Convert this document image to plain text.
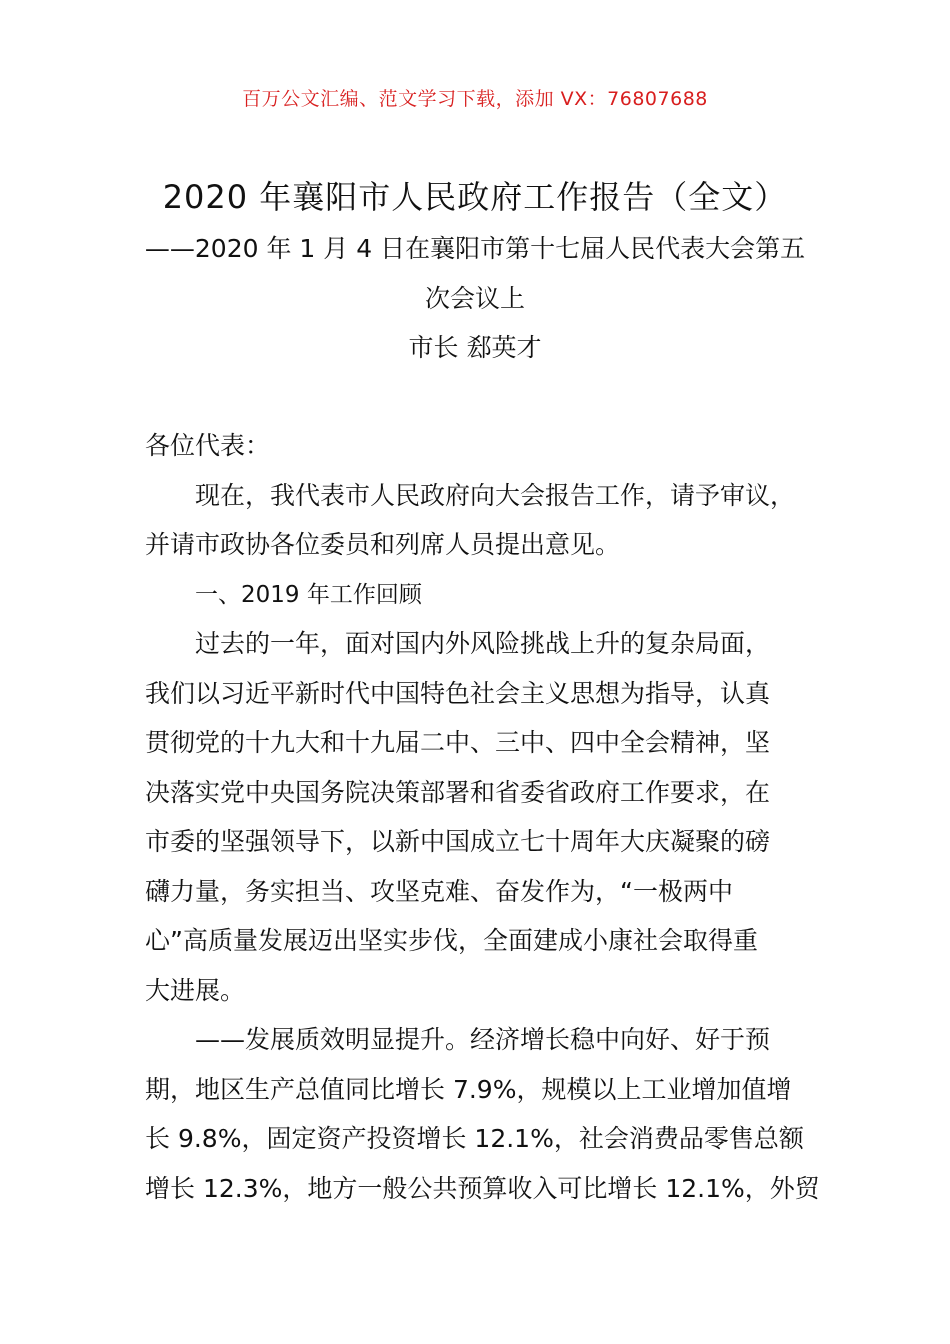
百万公文汇编、范文学习下载，添加 VX：76807688
2020 年襄阳市人民政府工作报告（全文）
——2020 年 1 月 4 日在襄阳市第十七届人民代表大会第五
次会议上
市长 郄英才
各位代表：
现在，我代表市人民政府向大会报告工作，请予审议，
并请市政协各位委员和列席人员提出意见。
一、2019 年工作回顾
过去的一年，面对国内外风险挑战上升的复杂局面，
我们以习近平新时代中国特色社会主义思想为指导，认真
贯彻党的十九大和十九届二中、三中、四中全会精神，坚
决落实党中央国务院决策部署和省委省政府工作要求，在
市委的坚强领导下，以新中国成立七十周年大庆凝聚的磅
礴力量，务实担当、攻坚克难、奋发作为，“一极两中
心”高质量发展迈出坚实步伐，全面建成小康社会取得重
大进展。
——发展质效明显提升。经济增长稳中向好、好于预
期，地区生产总值同比增长 7.9%，规模以上工业增加值增
长 9.8%，固定资产投资增长 12.1%，社会消费品零售总额
增长 12.3%，地方一般公共预算收入可比增长 12.1%，外贸
